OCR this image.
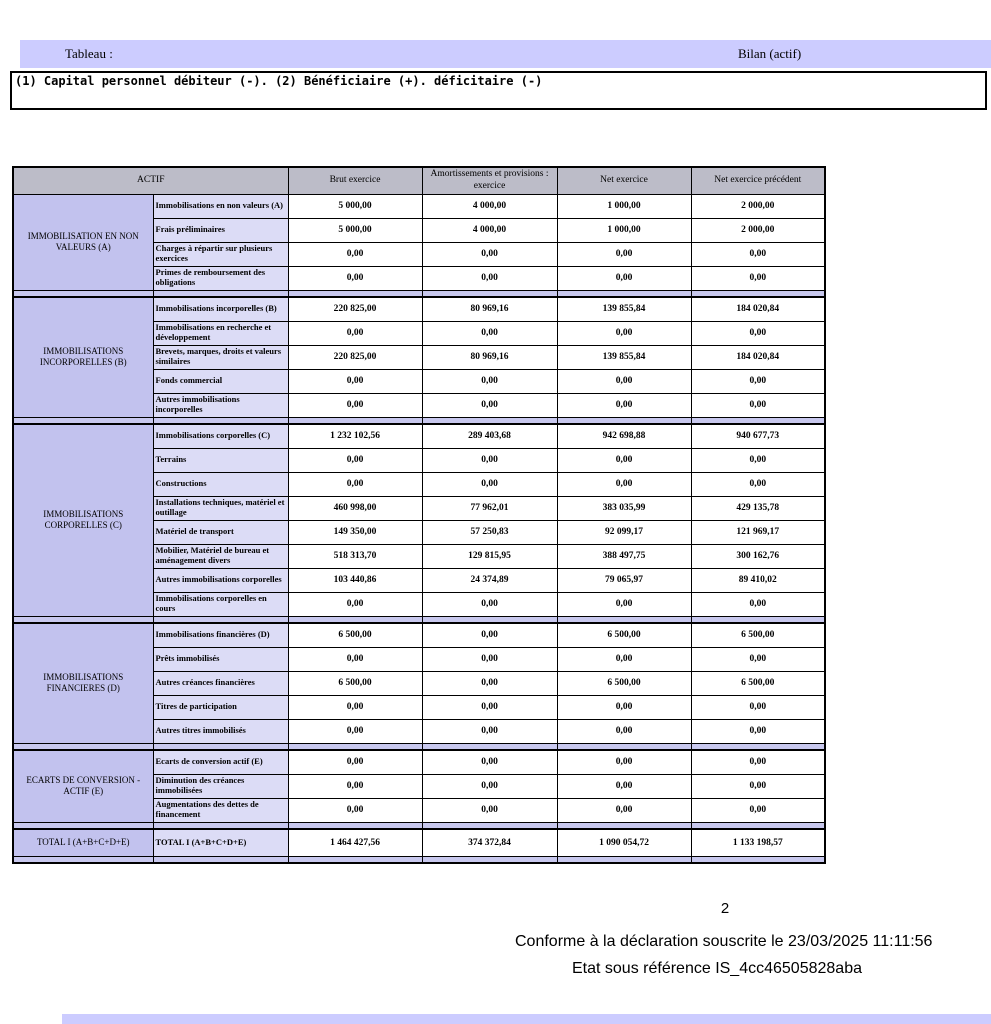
Tableau :	Bilan (actif)
(1) Capital personnel débiteur (-). (2) Bénéficiaire (+). déficitaire (-)
ACTIF		Brut exercice	Amortissements et provisions : exercice	Net exercice	Net exercice précédent
IMMOBILISATION EN NON VALEURS (A)	Immobilisations en non valeurs (A)	5 000,00	4 000,00	1 000,00	2 000,00
	Frais préliminaires	5 000,00	4 000,00	1 000,00	2 000,00
	Charges à répartir sur plusieurs exercices	0,00	0,00	0,00	0,00
	Primes de remboursement des obligations	0,00	0,00	0,00	0,00

IMMOBILISATIONS INCORPORELLES (B)	Immobilisations incorporelles (B)	220 825,00	80 969,16	139 855,84	184 020,84
	Immobilisations en recherche et développement	0,00	0,00	0,00	0,00
	Brevets, marques, droits et valeurs similaires	220 825,00	80 969,16	139 855,84	184 020,84
	Fonds commercial	0,00	0,00	0,00	0,00
	Autres immobilisations incorporelles	0,00	0,00	0,00	0,00

IMMOBILISATIONS CORPORELLES (C)	Immobilisations corporelles (C)	1 232 102,56	289 403,68	942 698,88	940 677,73
	Terrains	0,00	0,00	0,00	0,00
	Constructions	0,00	0,00	0,00	0,00
	Installations techniques, matériel et outillage	460 998,00	77 962,01	383 035,99	429 135,78
	Matériel de transport	149 350,00	57 250,83	92 099,17	121 969,17
	Mobilier, Matériel de bureau et aménagement divers	518 313,70	129 815,95	388 497,75	300 162,76
	Autres immobilisations corporelles	103 440,86	24 374,89	79 065,97	89 410,02
	Immobilisations corporelles en cours	0,00	0,00	0,00	0,00

IMMOBILISATIONS FINANCIERES (D)	Immobilisations financières (D)	6 500,00	0,00	6 500,00	6 500,00
	Prêts immobilisés	0,00	0,00	0,00	0,00
	Autres créances financières	6 500,00	0,00	6 500,00	6 500,00
	Titres de participation	0,00	0,00	0,00	0,00
	Autres titres immobilisés	0,00	0,00	0,00	0,00

ECARTS DE CONVERSION - ACTIF (E)	Ecarts de conversion actif (E)	0,00	0,00	0,00	0,00
	Diminution des créances immobilisées	0,00	0,00	0,00	0,00
	Augmentations des dettes de financement	0,00	0,00	0,00	0,00

TOTAL I (A+B+C+D+E)	TOTAL I (A+B+C+D+E)	1 464 427,56	374 372,84	1 090 054,72	1 133 198,57

2
Conforme à la déclaration souscrite le 23/03/2025 11:11:56
Etat sous référence IS_4cc46505828aba
